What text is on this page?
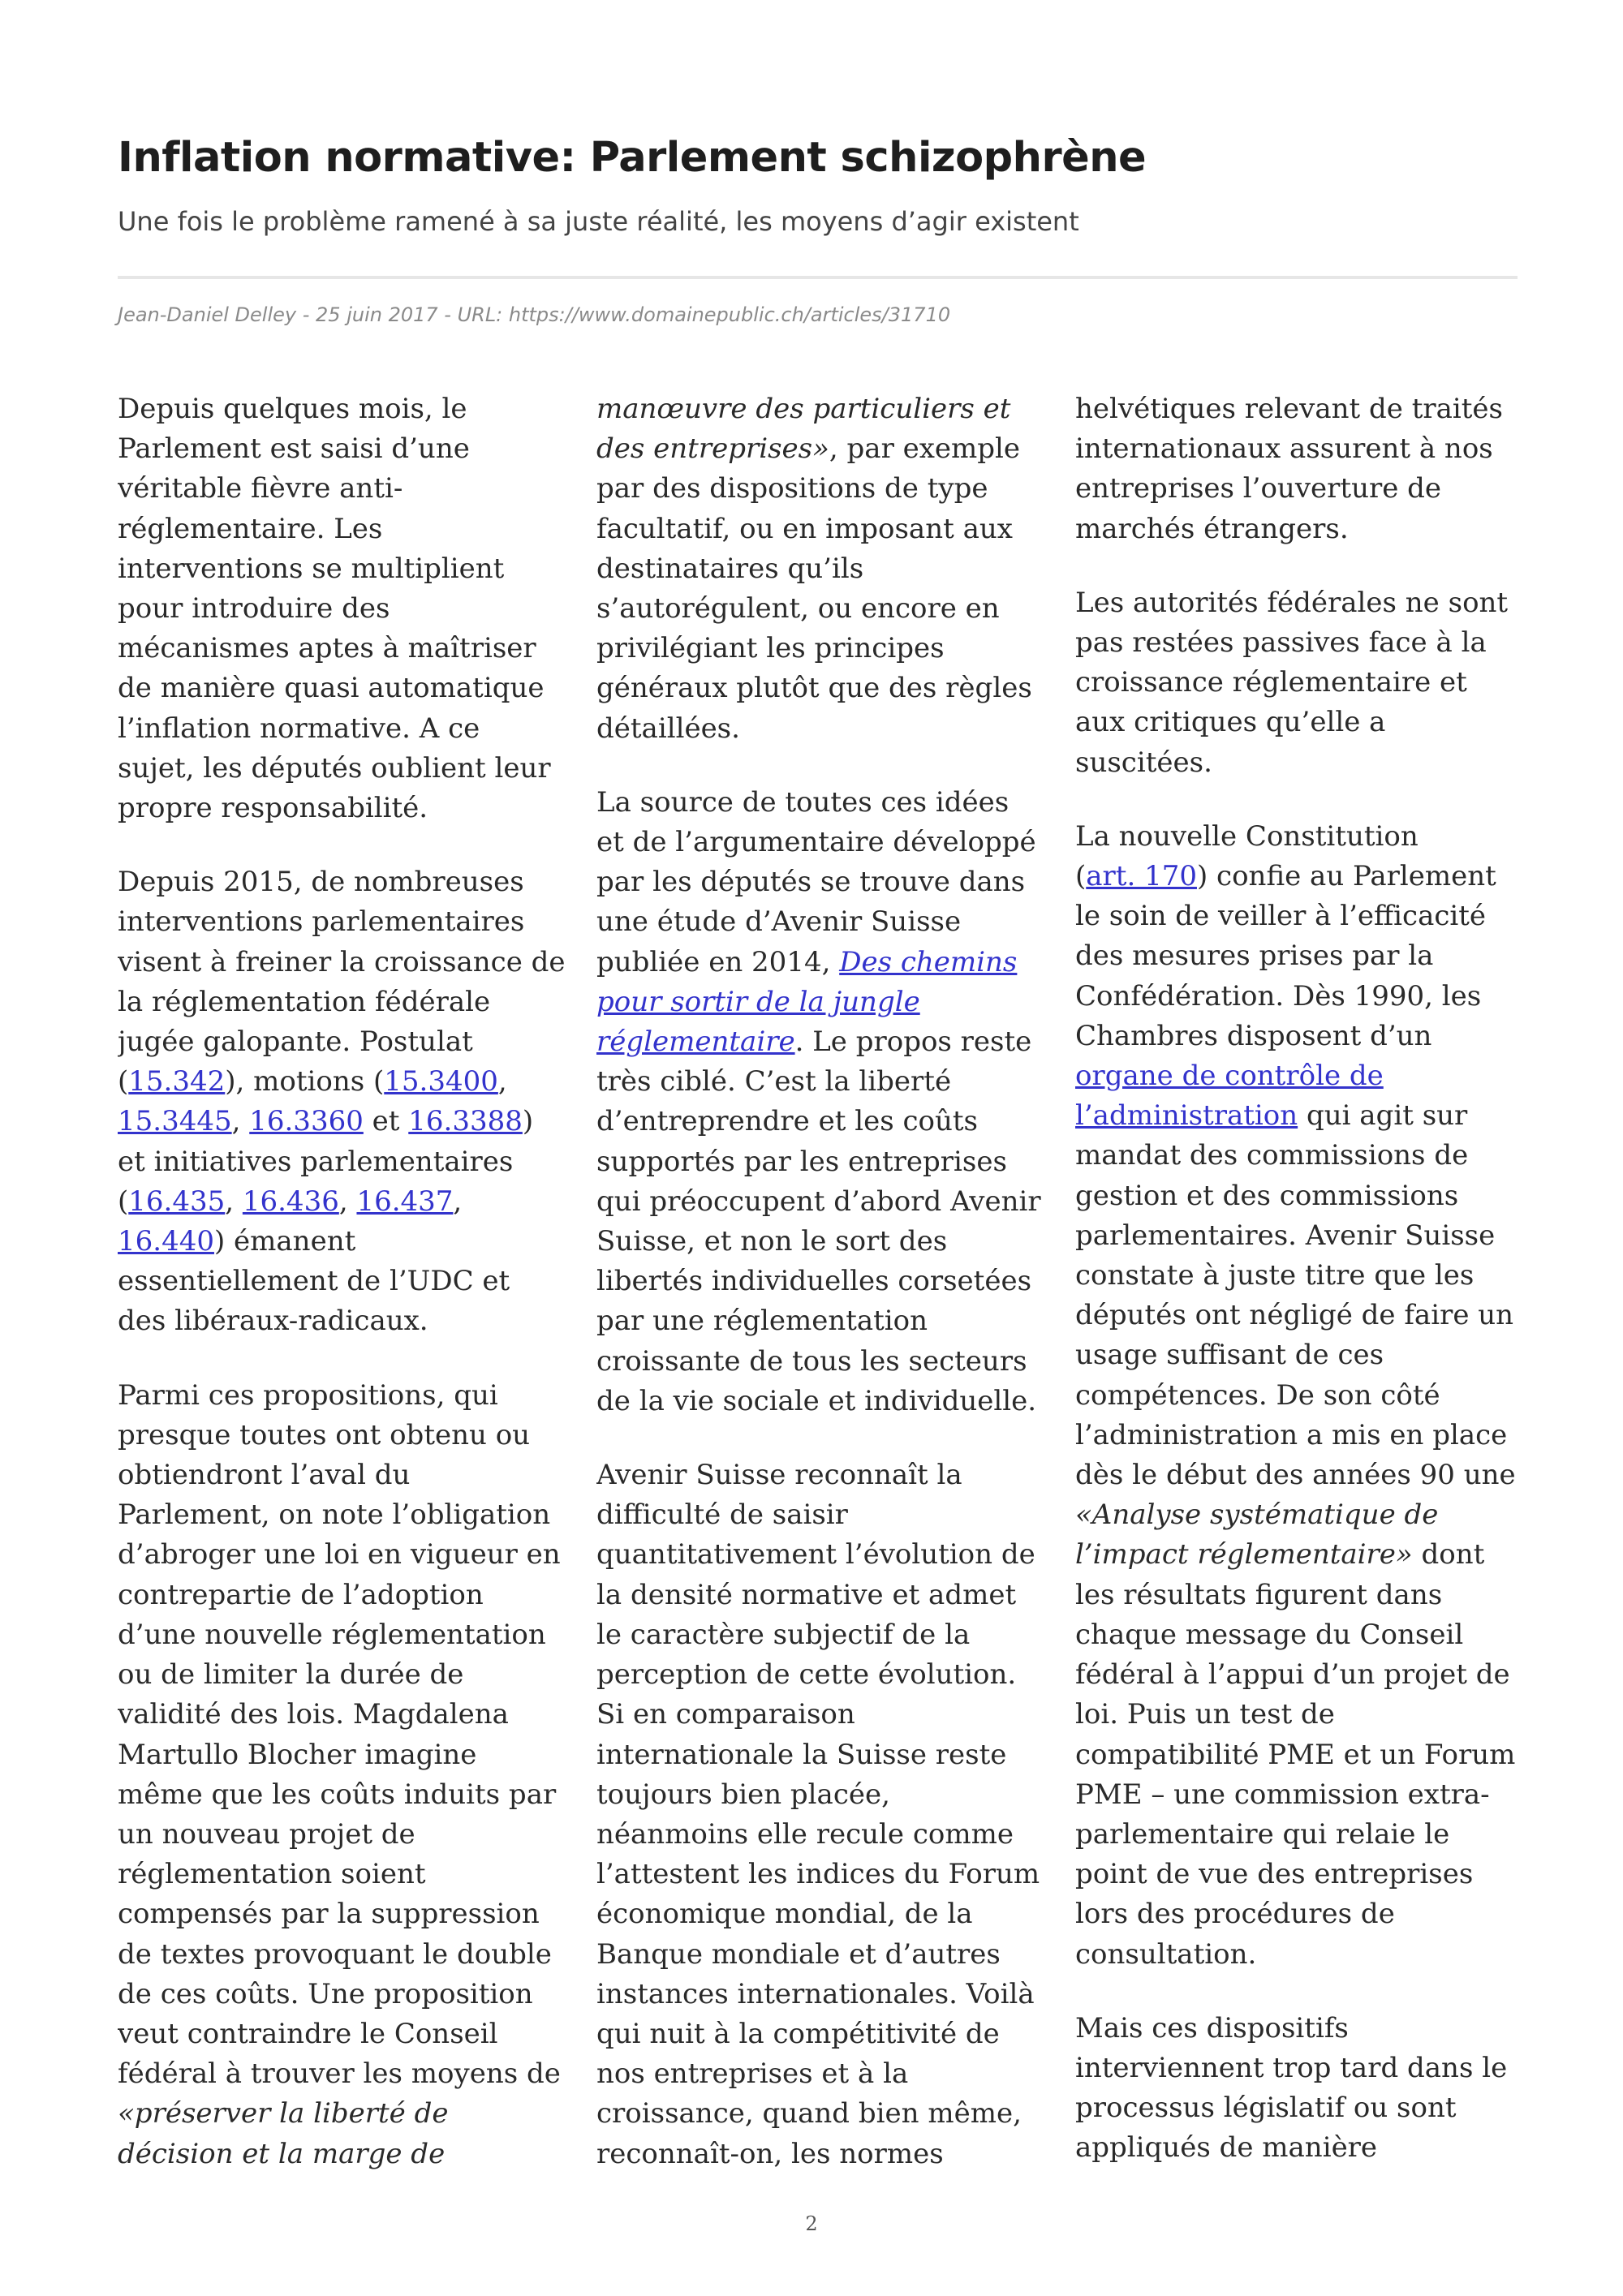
Inflation normative: Parlement schizophrène
Une fois le problème ramené à sa juste réalité, les moyens d’agir existent
Jean-Daniel Delley - 25 juin 2017 - URL: https://www.domainepublic.ch/articles/31710

Depuis quelques mois, le
Parlement est saisi d’une
véritable fièvre anti-
réglementaire. Les
interventions se multiplient
pour introduire des
mécanismes aptes à maîtriser
de manière quasi automatique
l’inflation normative. A ce
sujet, les députés oublient leur
propre responsabilité.

Depuis 2015, de nombreuses
interventions parlementaires
visent à freiner la croissance de
la réglementation fédérale
jugée galopante. Postulat
(15.342), motions (15.3400,
15.3445, 16.3360 et 16.3388)
et initiatives parlementaires
(16.435, 16.436, 16.437,
16.440) émanent
essentiellement de l’UDC et
des libéraux-radicaux.

Parmi ces propositions, qui
presque toutes ont obtenu ou
obtiendront l’aval du
Parlement, on note l’obligation
d’abroger une loi en vigueur en
contrepartie de l’adoption
d’une nouvelle réglementation
ou de limiter la durée de
validité des lois. Magdalena
Martullo Blocher imagine
même que les coûts induits par
un nouveau projet de
réglementation soient
compensés par la suppression
de textes provoquant le double
de ces coûts. Une proposition
veut contraindre le Conseil
fédéral à trouver les moyens de
«préserver la liberté de
décision et la marge de

manœuvre des particuliers et
des entreprises», par exemple
par des dispositions de type
facultatif, ou en imposant aux
destinataires qu’ils
s’autorégulent, ou encore en
privilégiant les principes
généraux plutôt que des règles
détaillées.

La source de toutes ces idées
et de l’argumentaire développé
par les députés se trouve dans
une étude d’Avenir Suisse
publiée en 2014, Des chemins
pour sortir de la jungle
réglementaire. Le propos reste
très ciblé. C’est la liberté
d’entreprendre et les coûts
supportés par les entreprises
qui préoccupent d’abord Avenir
Suisse, et non le sort des
libertés individuelles corsetées
par une réglementation
croissante de tous les secteurs
de la vie sociale et individuelle.

Avenir Suisse reconnaît la
difficulté de saisir
quantitativement l’évolution de
la densité normative et admet
le caractère subjectif de la
perception de cette évolution.
Si en comparaison
internationale la Suisse reste
toujours bien placée,
néanmoins elle recule comme
l’attestent les indices du Forum
économique mondial, de la
Banque mondiale et d’autres
instances internationales. Voilà
qui nuit à la compétitivité de
nos entreprises et à la
croissance, quand bien même,
reconnaît-on, les normes

helvétiques relevant de traités
internationaux assurent à nos
entreprises l’ouverture de
marchés étrangers.

Les autorités fédérales ne sont
pas restées passives face à la
croissance réglementaire et
aux critiques qu’elle a
suscitées.

La nouvelle Constitution
(art. 170) confie au Parlement
le soin de veiller à l’efficacité
des mesures prises par la
Confédération. Dès 1990, les
Chambres disposent d’un
organe de contrôle de
l’administration qui agit sur
mandat des commissions de
gestion et des commissions
parlementaires. Avenir Suisse
constate à juste titre que les
députés ont négligé de faire un
usage suffisant de ces
compétences. De son côté
l’administration a mis en place
dès le début des années 90 une
«Analyse systématique de
l’impact réglementaire» dont
les résultats figurent dans
chaque message du Conseil
fédéral à l’appui d’un projet de
loi. Puis un test de
compatibilité PME et un Forum
PME – une commission extra-
parlementaire qui relaie le
point de vue des entreprises
lors des procédures de
consultation.

Mais ces dispositifs
interviennent trop tard dans le
processus législatif ou sont
appliqués de manière

2
